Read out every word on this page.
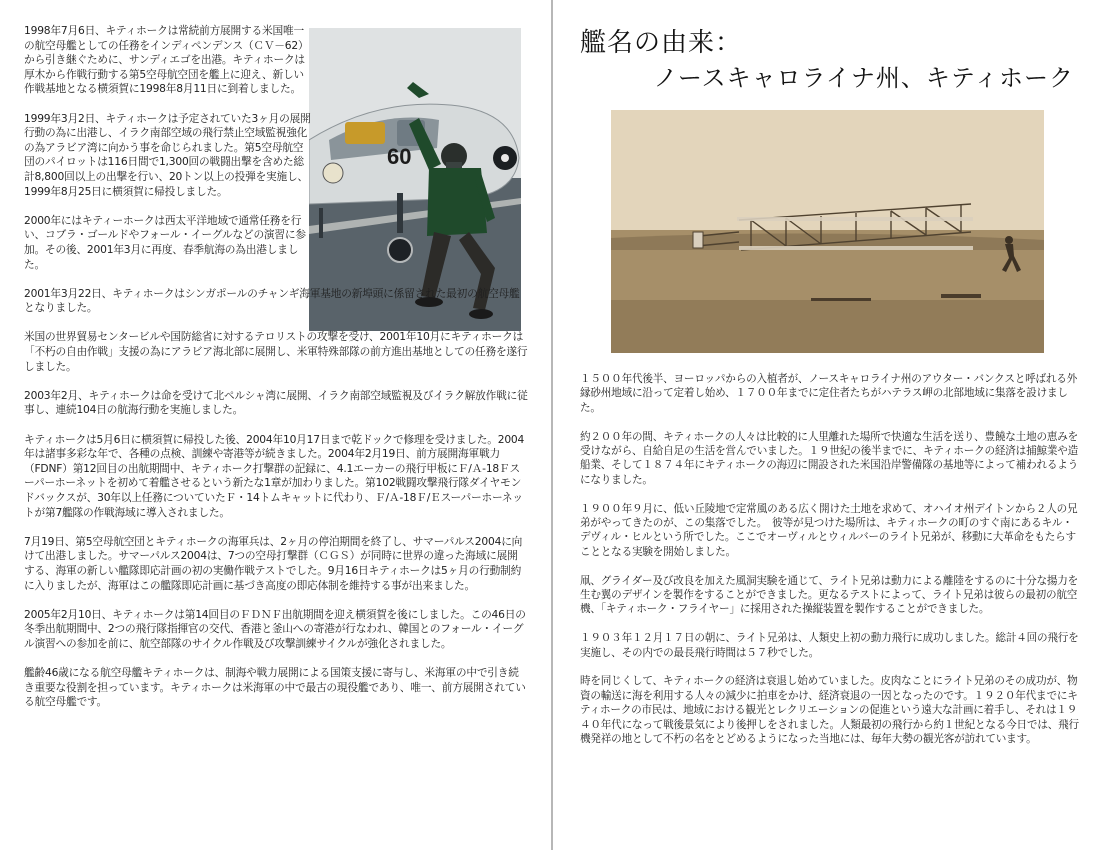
60

1998年7月6日、キティホークは常続前方展開する米国唯一の航空母艦としての任務をインディペンデンス（ＣＶ－62）から引き継ぐために、サンディエゴを出港。キティホークは厚木から作戦行動する第5空母航空団を艦上に迎え、新しい作戦基地となる横須賀に1998年8月11日に到着しました。

1999年3月2日、キティホークは予定されていた3ヶ月の展開行動の為に出港し、イラク南部空域の飛行禁止空域監視強化の為アラビア湾に向かう事を命じられました。第5空母航空団のパイロットは116日間で1,300回の戦闘出撃を含めた総計8,800回以上の出撃を行い、20トン以上の投弾を実施し、1999年8月25日に横須賀に帰投しました。

2000年にはキティーホークは西太平洋地域で通常任務を行い、コブラ・ゴールドやフォール・イーグルなどの演習に参加。その後、2001年3月に再度、春季航海の為出港しました。

2001年3月22日、キティホークはシンガポールのチャンギ海軍基地の新埠頭に係留された最初の航空母艦となりました。

米国の世界貿易センタービルや国防総省に対するテロリストの攻撃を受け、2001年10月にキティホークは「不朽の自由作戦」支援の為にアラビア海北部に展開し、米軍特殊部隊の前方進出基地としての任務を遂行しました。

2003年2月、キティホークは命を受けて北ペルシャ湾に展開、イラク南部空域監視及びイラク解放作戦に従事し、連続104日の航海行動を実施しました。

キティホークは5月6日に横須賀に帰投した後、2004年10月17日まで乾ドックで修理を受けました。2004年は諸事多彩な年で、各種の点検、訓練や寄港等が続きました。2004年2月19日、前方展開海軍戦力（FDNF）第12回目の出航期間中、キティホーク打撃群の記録に、4.1エーカーの飛行甲板にＦ/Ａ-18Ｆスーパーホーネットを初めて着艦させるという新たな1章が加わりました。第102戦闘攻撃飛行隊ダイヤモンドバックスが、30年以上任務についていたＦ・14トムキャットに代わり、Ｆ/Ａ-18Ｆ/Ｅスーパーホーネットが第7艦隊の作戦海域に導入されました。

7月19日、第5空母航空団とキティホークの海軍兵は、2ヶ月の停泊期間を終了し、サマーパルス2004に向けて出港しました。サマーパルス2004は、7つの空母打撃群（ＣＧＳ）が同時に世界の違った海域に展開する、海軍の新しい艦隊即応計画の初の実働作戦テストでした。9月16日キティホークは5ヶ月の行動制約に入りましたが、海軍はこの艦隊即応計画に基づき高度の即応体制を維持する事が出来ました。

2005年2月10日、キティホークは第14回目のＦＤＮＦ出航期間を迎え横須賀を後にしました。この46日の冬季出航期間中、2つの飛行隊指揮官の交代、香港と釜山への寄港が行なわれ、韓国とのフォール・イーグル演習への参加を前に、航空部隊のサイクル作戦及び攻撃訓練サイクルが強化されました。

艦齢46歳になる航空母艦キティホークは、制海や戦力展開による国策支援に寄与し、米海軍の中で引き続き重要な役割を担っています。キティホークは米海軍の中で最古の現役艦であり、唯一、前方展開されている航空母艦です。

艦名の由来：
ノースキャロライナ州、キティホーク

１５００年代後半、ヨーロッパからの入植者が、ノースキャロライナ州のアウター・バンクスと呼ばれる外縁砂州地域に沿って定着し始め、１７００年までに定住者たちがハテラス岬の北部地域に集落を設けました。

約２００年の間、キティホークの人々は比較的に人里離れた場所で快適な生活を送り、豊饒な土地の恵みを受けながら、自給自足の生活を営んでいました。１９世紀の後半までに、キティホークの経済は捕鯨業や造船業、そして１８７４年にキティホークの海辺に開設された米国沿岸警備隊の基地等によって補われるようになりました。

１９００年９月に、低い丘陵地で定常風のある広く開けた土地を求めて、オハイオ州デイトンから２人の兄弟がやってきたのが、この集落でした。　彼等が見つけた場所は、キティホークの町のすぐ南にあるキル・デヴィル・ヒルという所でした。ここでオーヴィルとウィルバーのライト兄弟が、移動に大革命をもたらすこととなる実験を開始しました。

凧、グライダー及び改良を加えた風洞実験を通じて、ライト兄弟は動力による離陸をするのに十分な揚力を生む翼のデザインを製作をすることができました。更なるテストによって、ライト兄弟は彼らの最初の航空機、「キティホーク・フライヤー」に採用された操縦装置を製作することができました。

１９０３年１２月１７日の朝に、ライト兄弟は、人類史上初の動力飛行に成功しました。総計４回の飛行を実施し、その内での最長飛行時間は５７秒でした。

時を同じくして、キティホークの経済は衰退し始めていました。皮肉なことにライト兄弟のその成功が、物資の輸送に海を利用する人々の減少に拍車をかけ、経済衰退の一因となったのです。１９２０年代までにキティホークの市民は、地域における観光とレクリエーションの促進という遠大な計画に着手し、それは１９４０年代になって戦後景気により後押しをされました。人類最初の飛行から約１世紀となる今日では、飛行機発祥の地として不朽の名をとどめるようになった当地には、毎年大勢の観光客が訪れています。
